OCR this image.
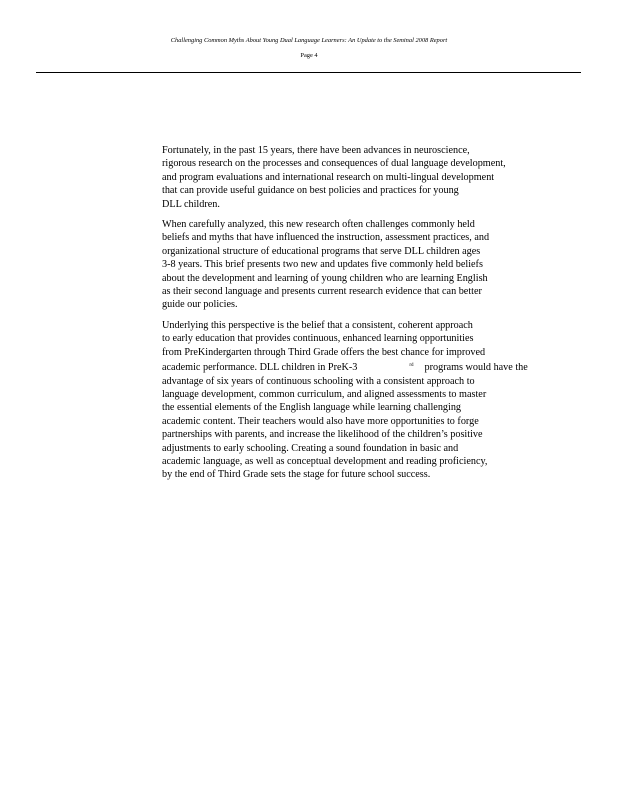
Challenging Common Myths About Young Dual Language Learners: An Update to the Seminal 2008 Report
Page 4

Fortunately, in the past 15 years, there have been advances in neuroscience,
rigorous research on the processes and consequences of dual language development,
and program evaluations and international research on multi-lingual development
that can provide useful guidance on best policies and practices for young
DLL children.

When carefully analyzed, this new research often challenges commonly held
beliefs and myths that have influenced the instruction, assessment practices, and
organizational structure of educational programs that serve DLL children ages
3-8 years. This brief presents two new and updates five commonly held beliefs
about the development and learning of young children who are learning English
as their second language and presents current research evidence that can better
guide our policies.

Underlying this perspective is the belief that a consistent, coherent approach
to early education that provides continuous, enhanced learning opportunities
from PreKindergarten through Third Grade offers the best chance for improved
academic performance. DLL children in PreK-3	$^{rd}$ programs would have the
advantage of six years of continuous schooling with a consistent approach to
language development, common curriculum, and aligned assessments to master
the essential elements of the English language while learning challenging
academic content. Their teachers would also have more opportunities to forge
partnerships with parents, and increase the likelihood of the children’s positive
adjustments to early schooling. Creating a sound foundation in basic and
academic language, as well as conceptual development and reading proficiency,
by the end of Third Grade sets the stage for future school success.
